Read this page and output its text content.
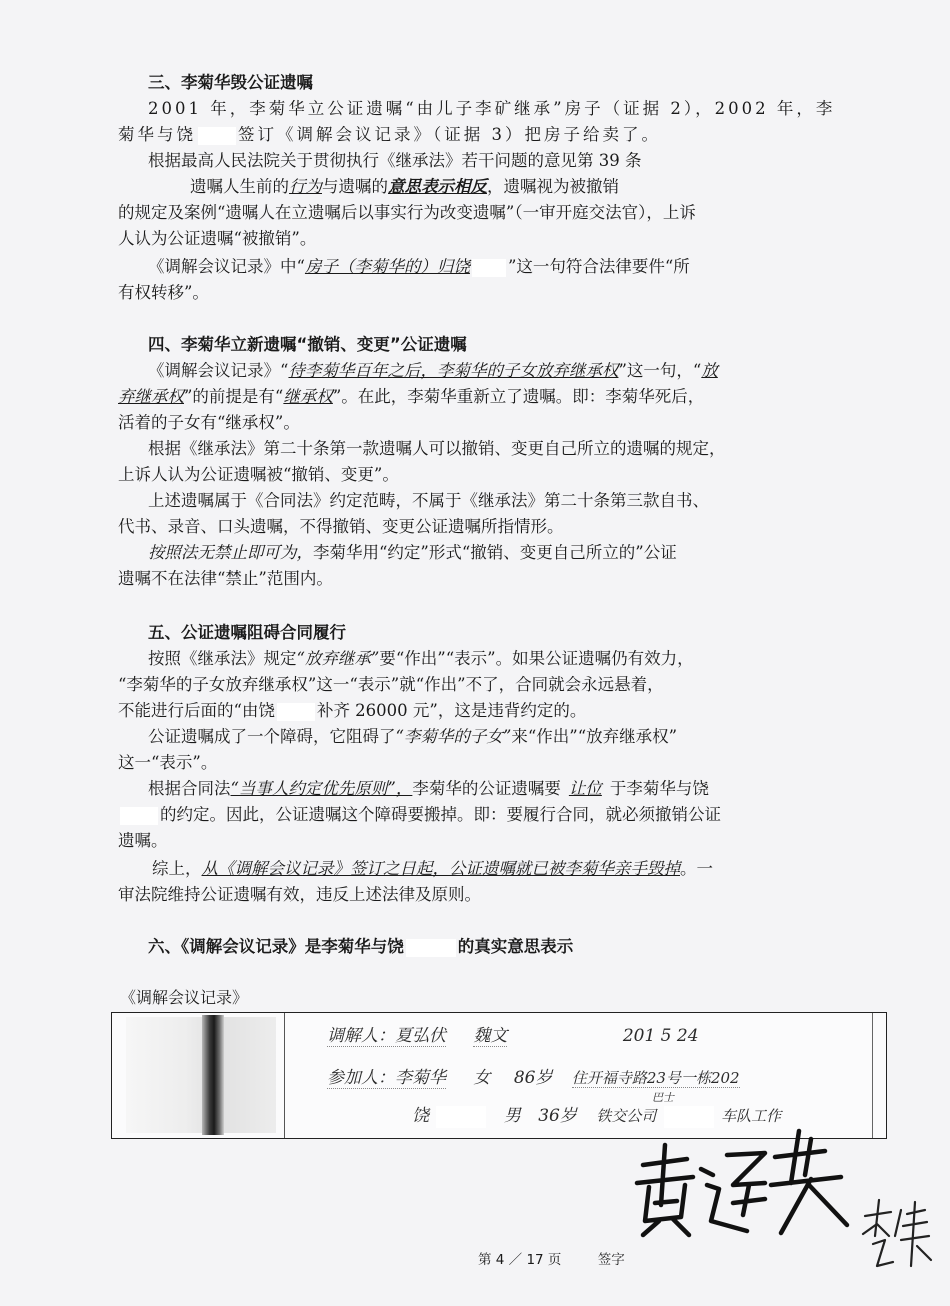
三、李菊华毁公证遗嘱
2001 年，李菊华立公证遗嘱“由儿子李矿继承”房子（证据 2），2002 年，李
菊华与饶	签订《调解会议记录》（证据 3）把房子给卖了。
根据最高人民法院关于贯彻执行《继承法》若干问题的意见第 39 条
遗嘱人生前的行为与遗嘱的意思表示相反，遗嘱视为被撤销
的规定及案例“遗嘱人在立遗嘱后以事实行为改变遗嘱”（一审开庭交法官），上诉
人认为公证遗嘱“被撤销”。
《调解会议记录》中“房子（李菊华的）归饶 ”这一句符合法律要件“所
有权转移”。
四、李菊华立新遗嘱“撤销、变更”公证遗嘱
《调解会议记录》“待李菊华百年之后，李菊华的子女放弃继承权”这一句，“放
弃继承权”的前提是有“继承权”。在此，李菊华重新立了遗嘱。即：李菊华死后，
活着的子女有“继承权”。
根据《继承法》第二十条第一款遗嘱人可以撤销、变更自己所立的遗嘱的规定，
上诉人认为公证遗嘱被“撤销、变更”。
上述遗嘱属于《合同法》约定范畴，不属于《继承法》第二十条第三款自书、
代书、录音、口头遗嘱，不得撤销、变更公证遗嘱所指情形。
按照法无禁止即可为，李菊华用“约定”形式“撤销、变更自己所立的”公证
遗嘱不在法律“禁止”范围内。
五、公证遗嘱阻碍合同履行
按照《继承法》规定“放弃继承”要“作出”“表示”。如果公证遗嘱仍有效力，
“李菊华的子女放弃继承权”这一“表示”就“作出”不了，合同就会永远悬着，
不能进行后面的“由饶	补齐 26000 元”，这是违背约定的。
公证遗嘱成了一个障碍，它阻碍了“李菊华的子女”来“作出”“放弃继承权”
这一“表示”。
根据合同法“当事人约定优先原则”，李菊华的公证遗嘱要 让位 于李菊华与饶
的约定。因此，公证遗嘱这个障碍要搬掉。即：要履行合同，就必须撤销公证
遗嘱。
综上，从《调解会议记录》签订之日起，公证遗嘱就已被李菊华亲手毁掉。一
审法院维持公证遗嘱有效，违反上述法律及原则。
六、《调解会议记录》是李菊华与饶	的真实意思表示
《调解会议记录》
调解人：夏弘伏 魏文	201 5 24
参加人：李菊华 女 86岁 住开福寺路23号一栋202
巴士
饶	男 36岁 铁交公司	车队工作
第 4 ／ 17 页	签字
